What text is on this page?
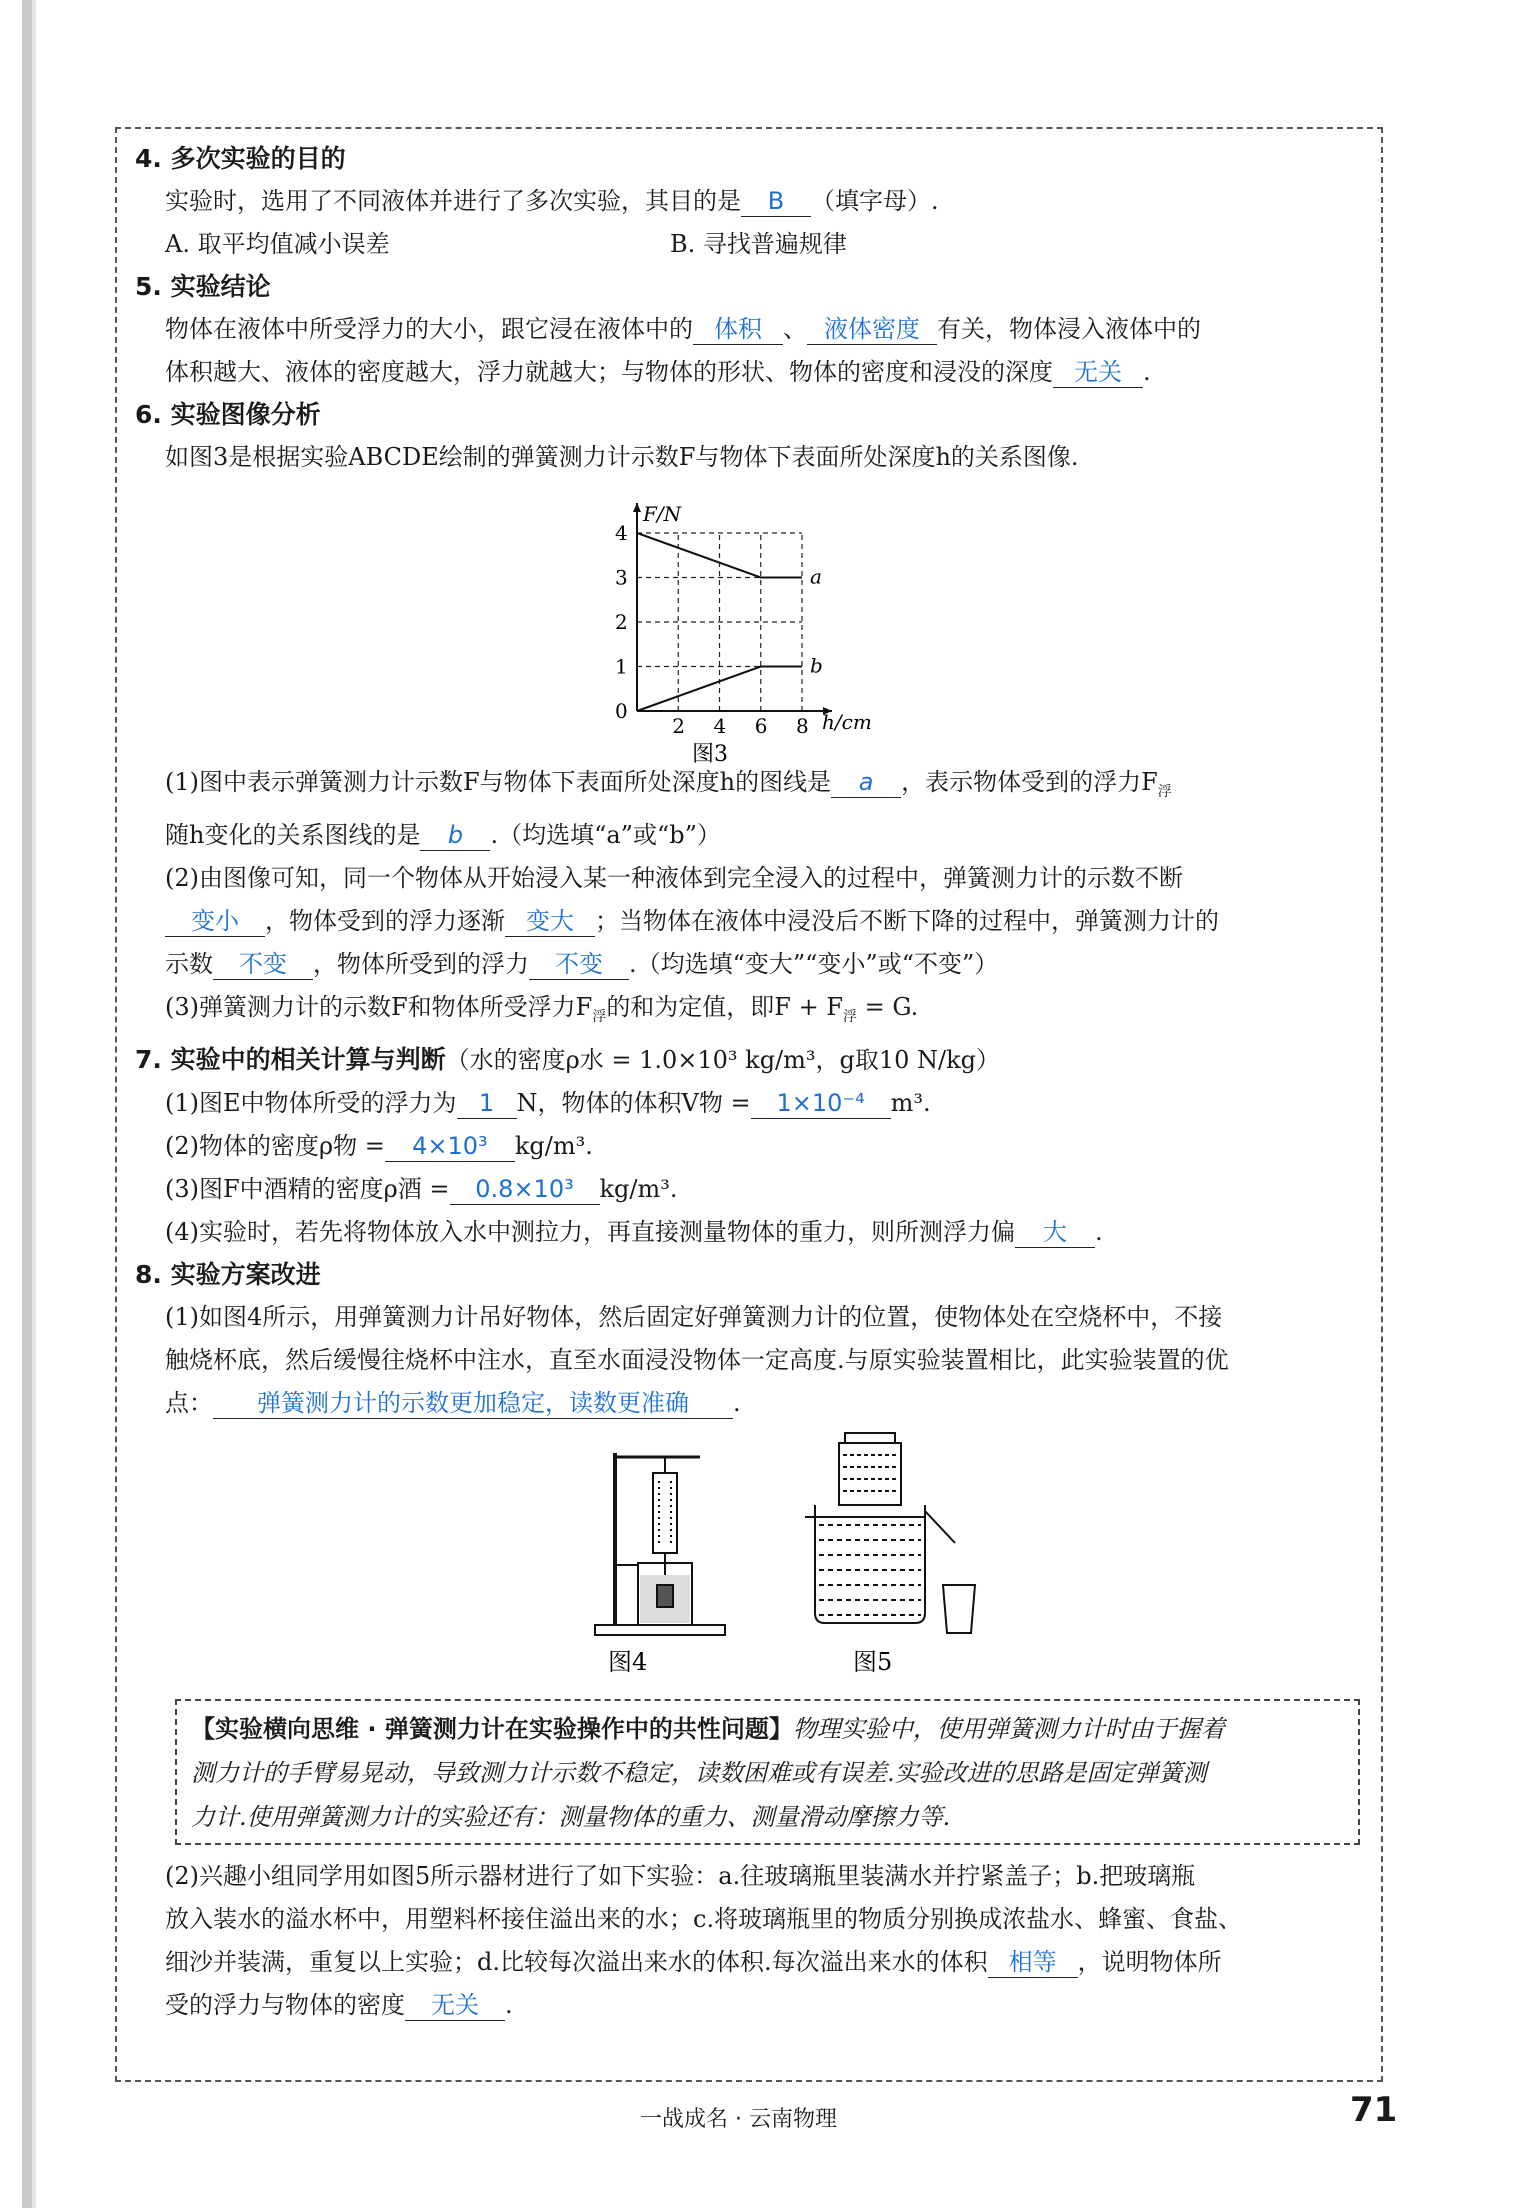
4. 多次实验的目的
实验时，选用了不同液体并进行了多次实验，其目的是 B （填字母）.
A. 取平均值减小误差	B. 寻找普遍规律
5. 实验结论
物体在液体中所受浮力的大小，跟它浸在液体中的 体积 、 液体密度 有关，物体浸入液体中的
体积越大、液体的密度越大，浮力就越大；与物体的形状、物体的密度和浸没的深度 无关 .
6. 实验图像分析
如图3是根据实验ABCDE绘制的弹簧测力计示数F与物体下表面所处深度h的关系图像.
F/N
h/cm
1
2
3
4
0
2 4 6 8
a
b
图3
(1)图中表示弹簧测力计示数F与物体下表面所处深度h的图线是 a ，表示物体受到的浮力$F_浮$
随h变化的关系图线的是 b .（均选填“a”或“b”）
(2)由图像可知，同一个物体从开始浸入某一种液体到完全浸入的过程中，弹簧测力计的示数不断
变小 ，物体受到的浮力逐渐 变大 ；当物体在液体中浸没后不断下降的过程中，弹簧测力计的
示数 不变 ，物体所受到的浮力 不变 .（均选填“变大”“变小”或“不变”）
(3)弹簧测力计的示数F和物体所受浮力$F_浮$的和为定值，即$F + F_浮 = G$.
7. 实验中的相关计算与判断（水的密度ρ水 = 1.0×10³ kg/m³，g取10 N/kg）
(1)图E中物体所受的浮力为 1 N，物体的体积V物 = 1×10⁻⁴ m³.
(2)物体的密度ρ物 = 4×10³ kg/m³.
(3)图F中酒精的密度ρ酒 = 0.8×10³ kg/m³.
(4)实验时，若先将物体放入水中测拉力，再直接测量物体的重力，则所测浮力偏 大 .
8. 实验方案改进
(1)如图4所示，用弹簧测力计吊好物体，然后固定好弹簧测力计的位置，使物体处在空烧杯中，不接
触烧杯底，然后缓慢往烧杯中注水，直至水面浸没物体一定高度.与原实验装置相比，此实验装置的优
点： 弹簧测力计的示数更加稳定，读数更准确 .
图4	图5
【实验横向思维 · 弹簧测力计在实验操作中的共性问题】物理实验中，使用弹簧测力计时由于握着
测力计的手臂易晃动，导致测力计示数不稳定，读数困难或有误差.实验改进的思路是固定弹簧测
力计.使用弹簧测力计的实验还有：测量物体的重力、测量滑动摩擦力等.
(2)兴趣小组同学用如图5所示器材进行了如下实验：a.往玻璃瓶里装满水并拧紧盖子；b.把玻璃瓶
放入装水的溢水杯中，用塑料杯接住溢出来的水；c.将玻璃瓶里的物质分别换成浓盐水、蜂蜜、食盐、
细沙并装满，重复以上实验；d.比较每次溢出来水的体积.每次溢出来水的体积 相等 ，说明物体所
受的浮力与物体的密度 无关 .
一战成名 · 云南物理	71
